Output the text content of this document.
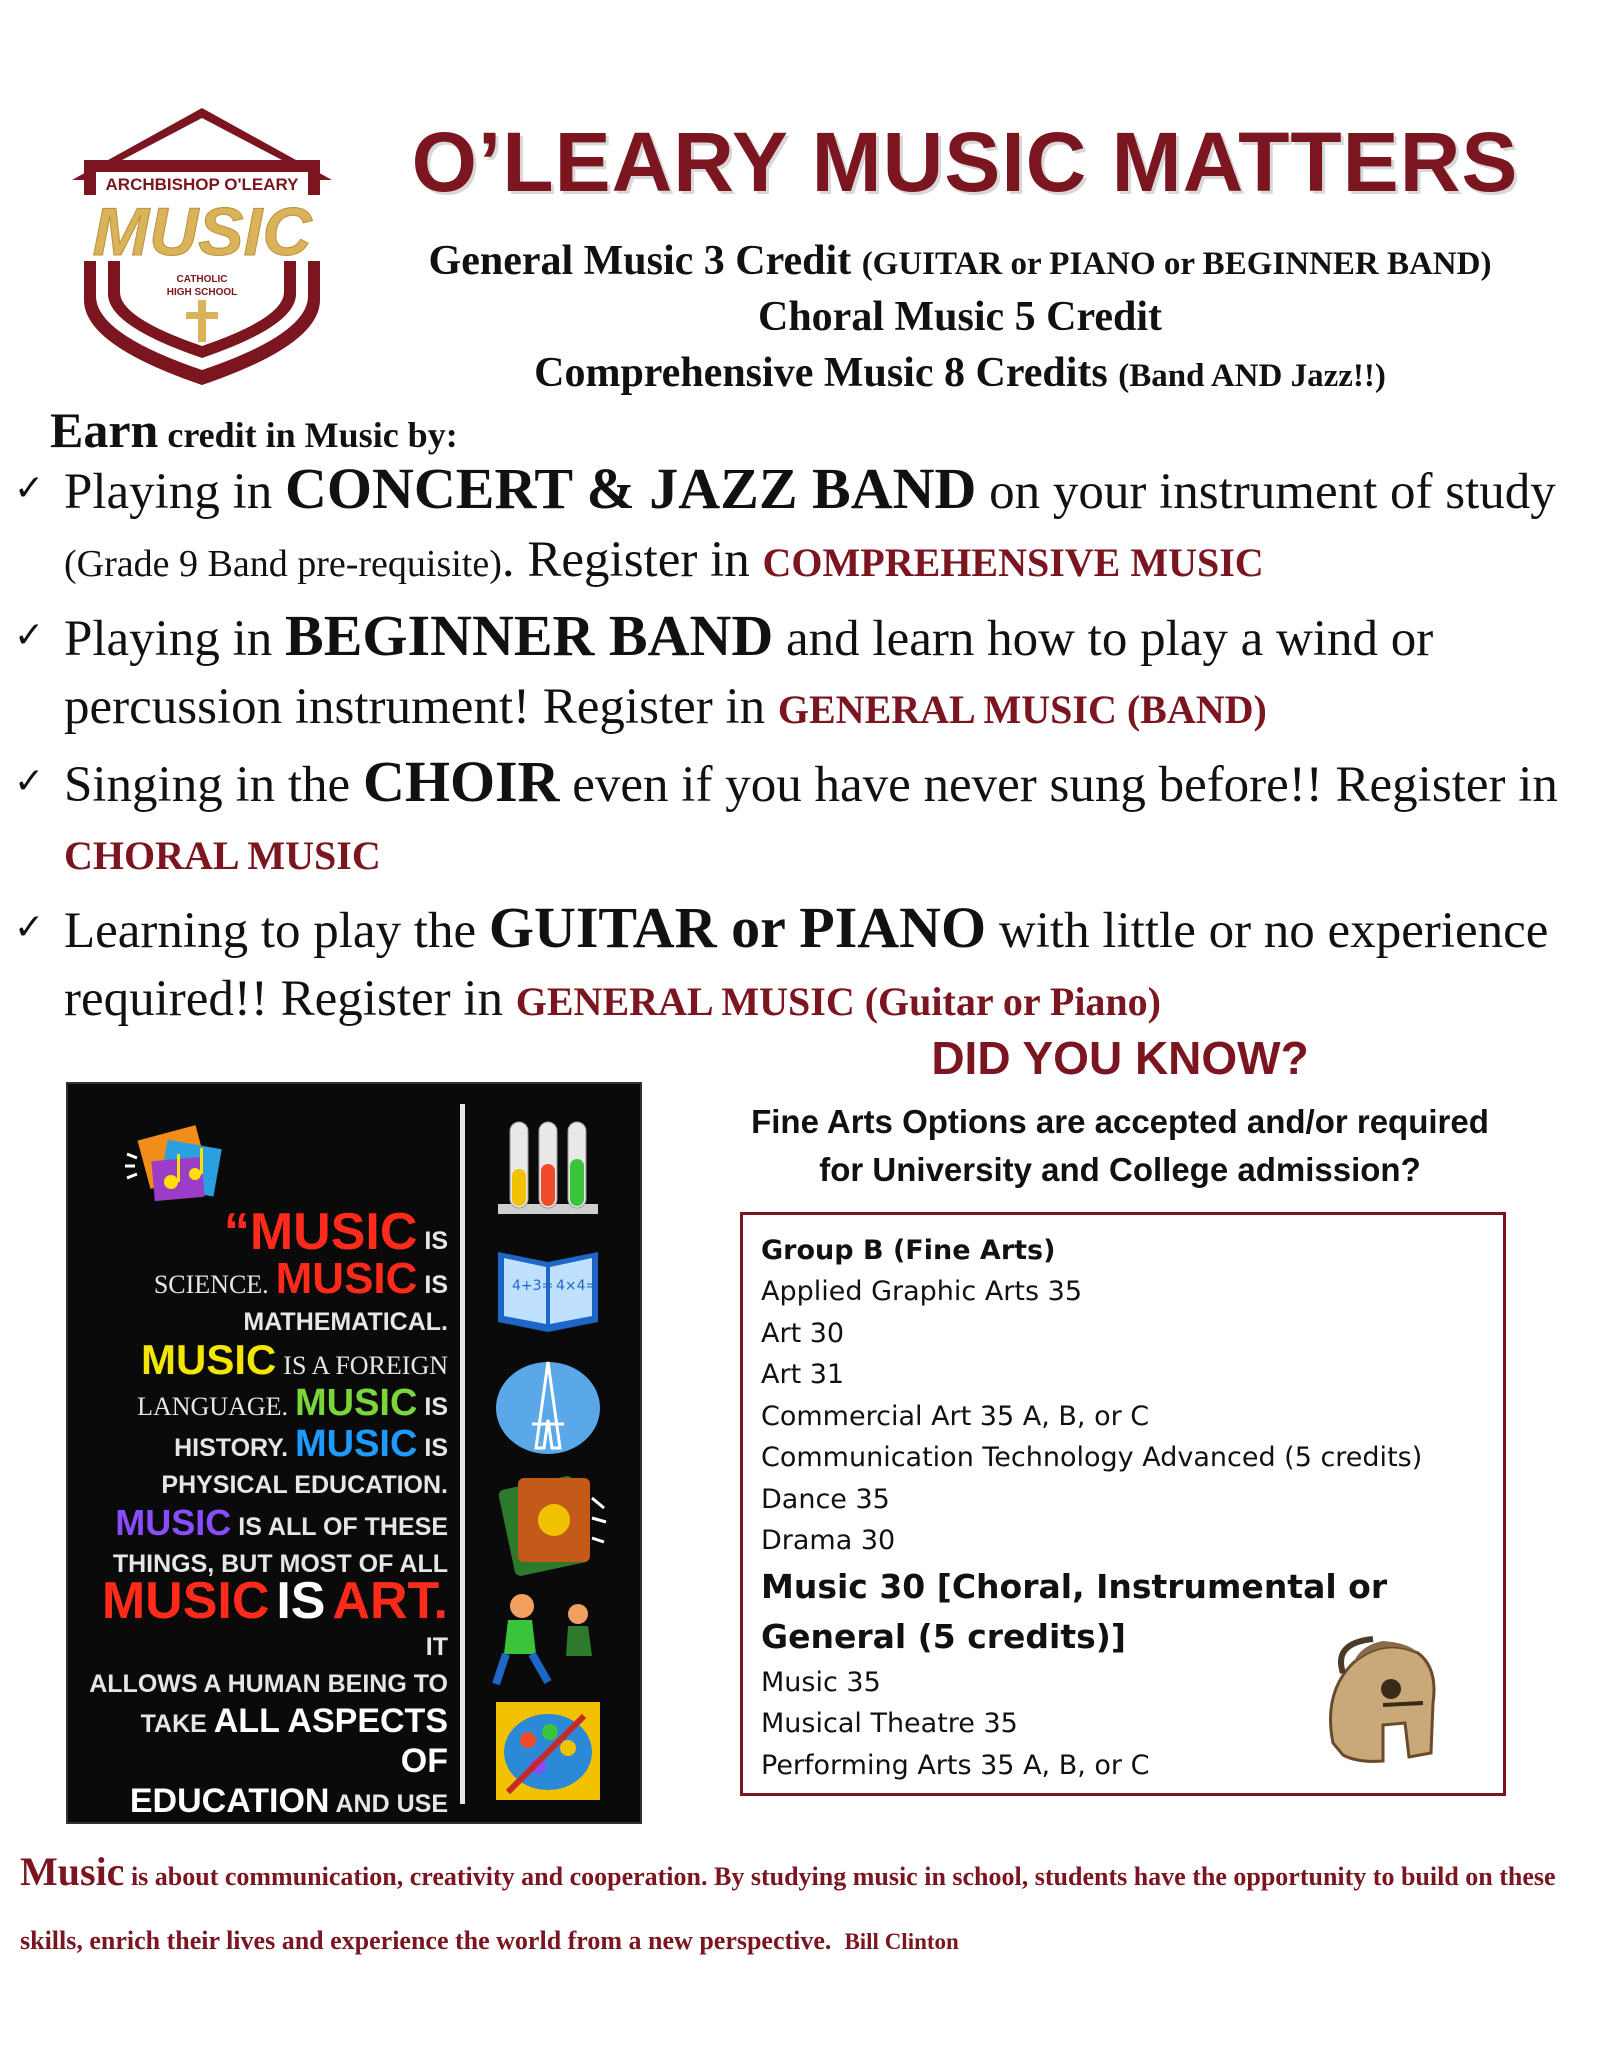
ARCHBISHOP O'LEARY
MUSIC
CATHOLIC
HIGH SCHOOL
O’LEARY MUSIC MATTERS
General Music 3 Credit (GUITAR or PIANO or BEGINNER BAND)
Choral Music 5 Credit
Comprehensive Music 8 Credits (Band AND Jazz!!)
Earn credit in Music by:
✓ Playing in CONCERT & JAZZ BAND on your instrument of study (Grade 9 Band pre-requisite). Register in COMPREHENSIVE MUSIC
✓ Playing in BEGINNER BAND and learn how to play a wind or percussion instrument! Register in GENERAL MUSIC (BAND)
✓ Singing in the CHOIR even if you have never sung before!! Register in CHORAL MUSIC
✓ Learning to play the GUITAR or PIANO with little or no experience required!! Register in GENERAL MUSIC (Guitar or Piano)
“MUSIC IS
SCIENCE. MUSIC IS
MATHEMATICAL.
MUSIC IS A FOREIGN
LANGUAGE. MUSIC IS
HISTORY. MUSIC IS
PHYSICAL EDUCATION.
MUSIC IS ALL OF THESE
THINGS, BUT MOST OF ALL
MUSIC IS ART. IT
ALLOWS A HUMAN BEING TO
TAKE ALL ASPECTS OF
EDUCATION AND USE

4+3= 4×4=
DID YOU KNOW?
Fine Arts Options are accepted and/or required
for University and College admission?
Group B (Fine Arts)
Applied Graphic Arts 35
Art 30
Art 31
Commercial Art 35 A, B, or C
Communication Technology Advanced (5 credits)
Dance 35
Drama 30
Music 30 [Choral, Instrumental or
General (5 credits)]
Music 35
Musical Theatre 35
Performing Arts 35 A, B, or C
Music is about communication, creativity and cooperation. By studying music in school, students have the opportunity to build on these skills, enrich their lives and experience the world from a new perspective. Bill Clinton
